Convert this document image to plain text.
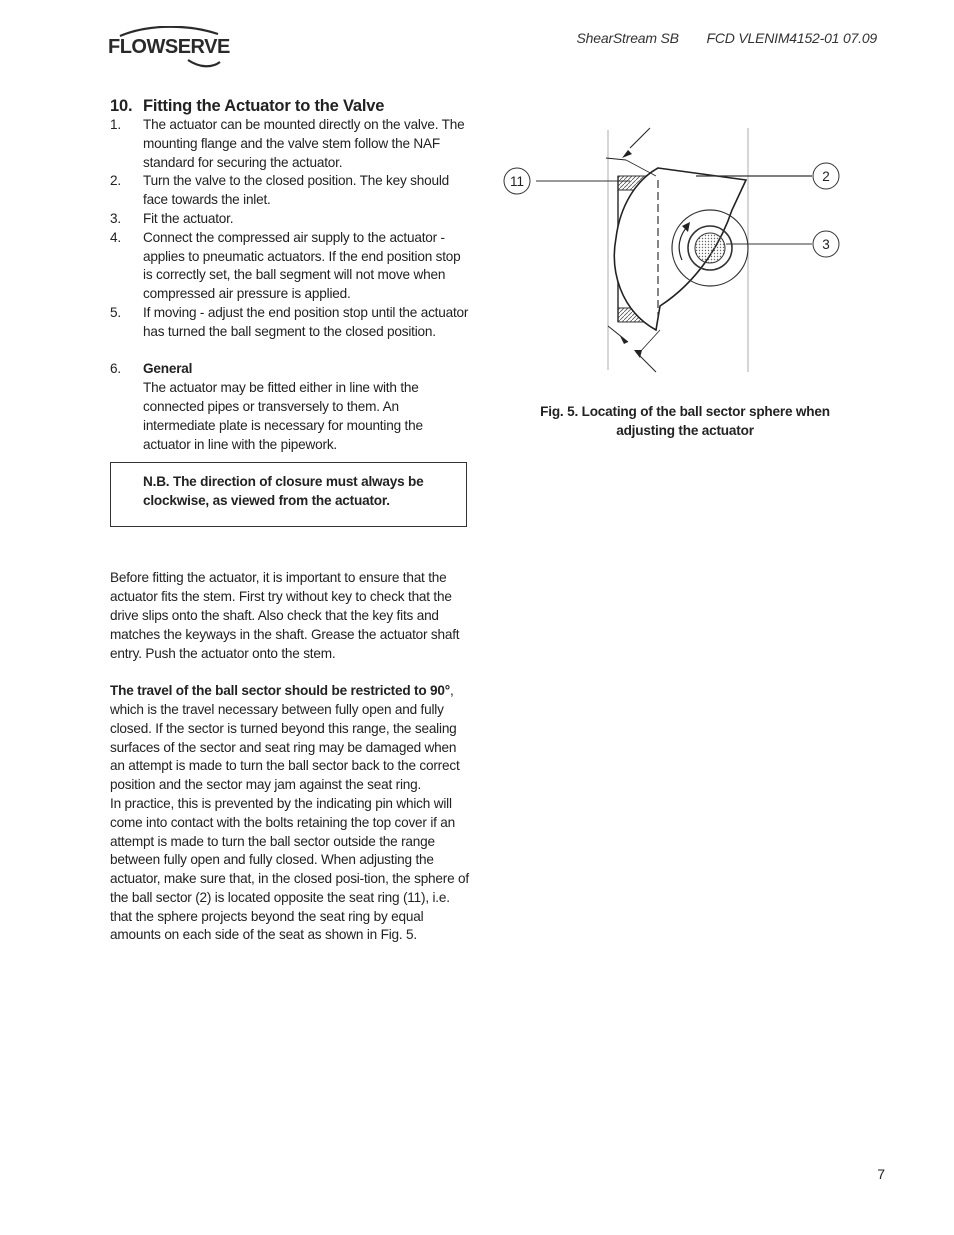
FLOWSERVE	ShearStream SB FCD VLENIM4152-01 07.09
10. Fitting the Actuator to the Valve
1. The actuator can be mounted directly on the valve. The mounting flange and the valve stem follow the NAF standard for securing the actuator.
2. Turn the valve to the closed position. The key should face towards the inlet.
3. Fit the actuator.
4. Connect the compressed air supply to the actuator - applies to pneumatic actuators. If the end position stop is correctly set, the ball segment will not move when compressed air pressure is applied.
5. If moving - adjust the end position stop until the actuator has turned the ball segment to the closed position.
6. General
The actuator may be fitted either in line with the connected pipes or transversely to them. An intermediate plate is necessary for mounting the actuator in line with the pipework.
N.B. The direction of closure must always be clockwise, as viewed from the actuator.

Before fitting the actuator, it is important to ensure that the actuator fits the stem. First try without key to check that the drive slips onto the shaft. Also check that the key fits and matches the keyways in the shaft. Grease the actuator shaft entry. Push the actuator onto the stem.

The travel of the ball sector should be restricted to 90°, which is the travel necessary between fully open and fully closed. If the sector is turned beyond this range, the sealing surfaces of the sector and seat ring may be damaged when an attempt is made to turn the ball sector back to the correct position and the sector may jam against the seat ring.

In practice, this is prevented by the indicating pin which will come into contact with the bolts retaining the top cover if an attempt is made to turn the ball sector outside the range between fully open and fully closed. When adjusting the actuator, make sure that, in the closed posi-tion, the sphere of the ball sector (2) is located opposite the seat ring (11), i.e. that the sphere projects beyond the seat ring by equal amounts on each side of the seat as shown in Fig. 5.

11	2
3
Fig. 5. Locating of the ball sector sphere when
adjusting the actuator
7
